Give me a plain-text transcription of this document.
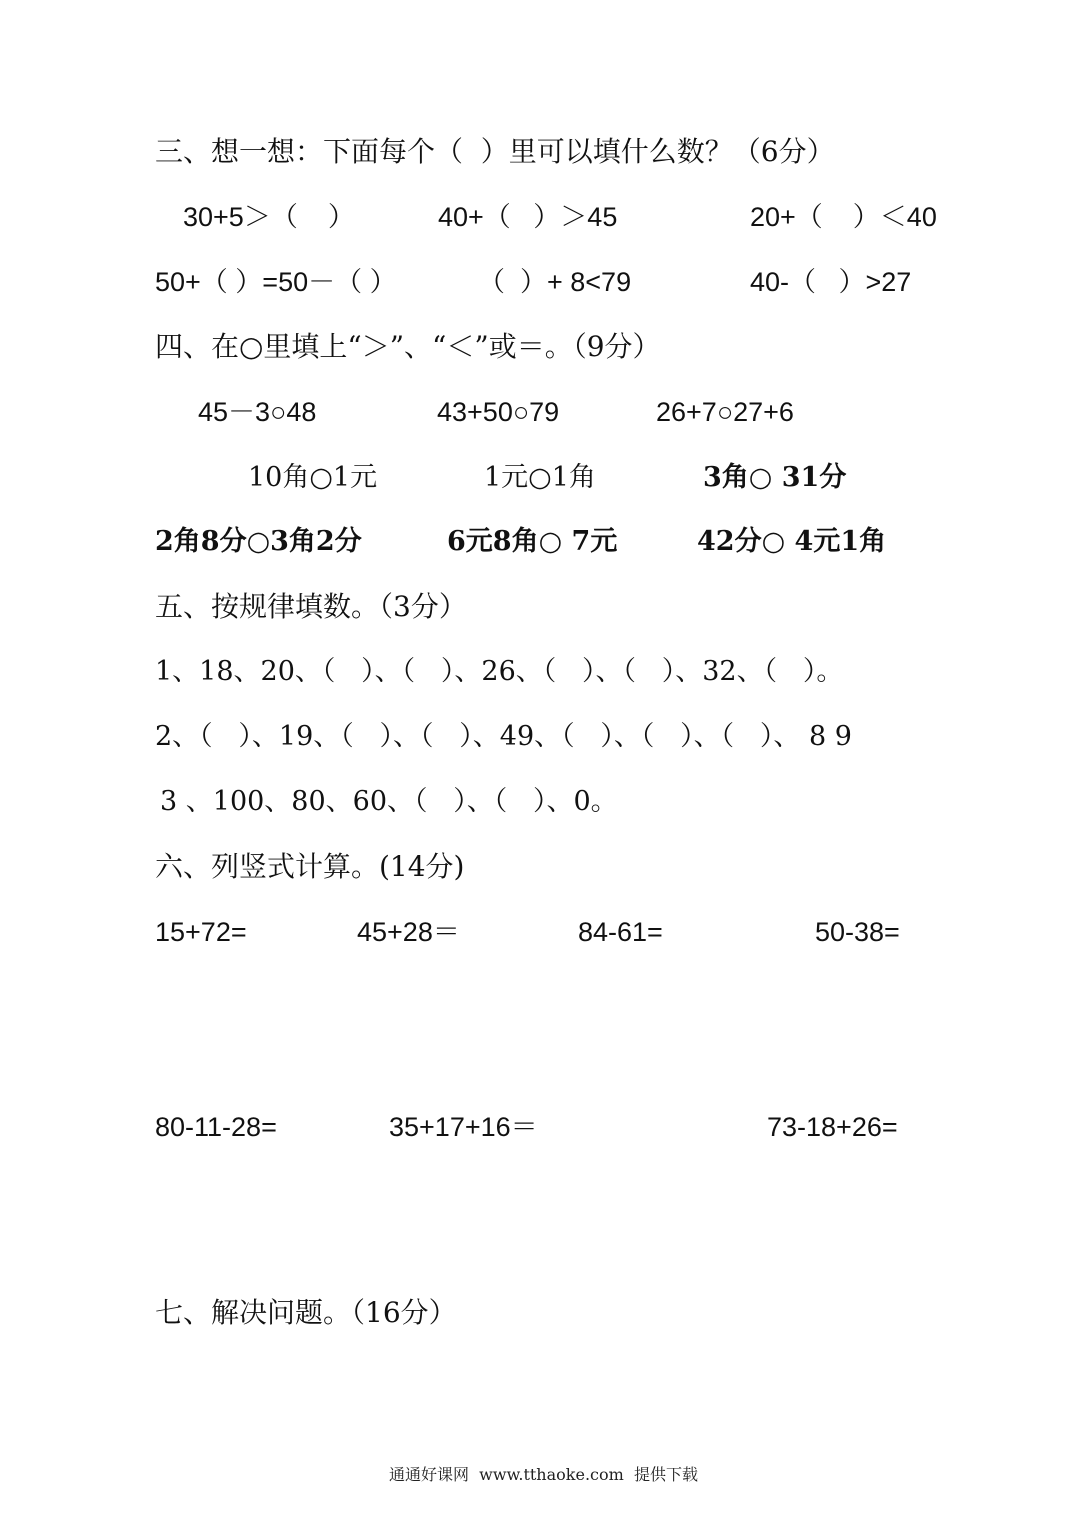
三、想一想：下面每个（  ）里可以填什么数？（6分）
30+5＞（    ）	40+（   ）＞45	20+（    ）＜40
50+（ ）=50－（ ）	（  ）+ 8<79	40-（   ）>27
四、在○里填上“＞”、“＜”或＝。（9分）
45－3○48	43+50○79	26+7○27+6
10角○1元	1元○1角	3角○ 31分
2角8分○3角2分	6元8角○ 7元	42分○ 4元1角
五、按规律填数。（3分）
1、18、20、（   ）、（   ）、26、（   ）、（   ）、32、（   ）。
2、（   ）、19、（   ）、（   ）、49、（   ）、（   ）、（   ）、 8 9
3 、100、80、60、（   ）、（   ）、0。
六、列竖式计算。(14分)
15+72=	45+28＝	84-61=	50-38=
80-11-28=	35+17+16＝	73-18+26=
七、解决问题。（16分）
通通好课网  www.tthaoke.com  提供下载
